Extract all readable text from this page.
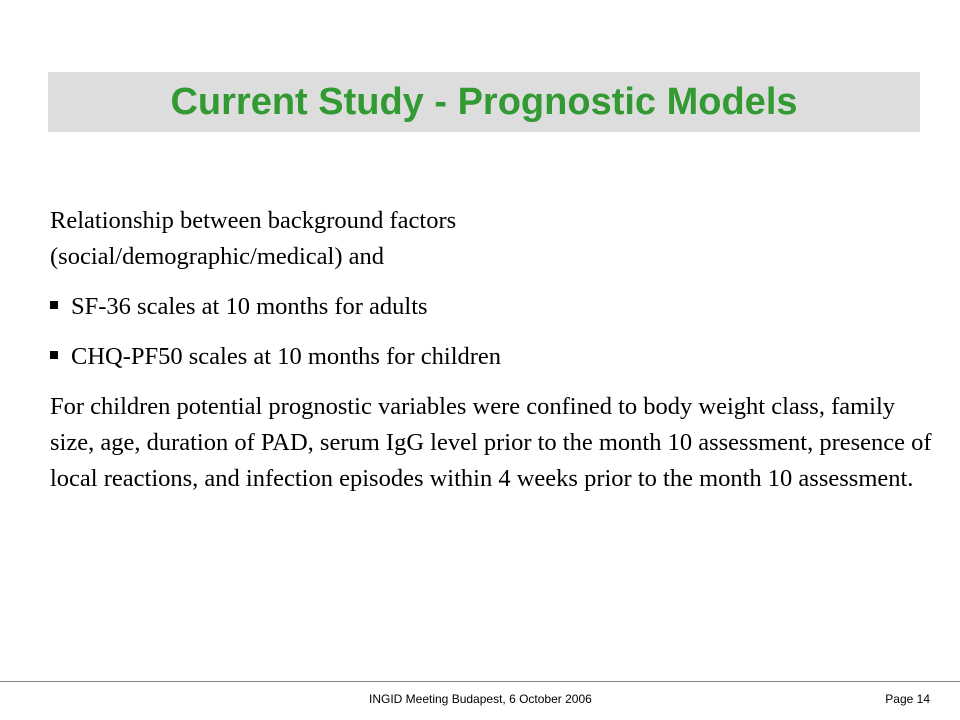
Current Study - Prognostic Models
Relationship between background factors
(social/demographic/medical) and
SF-36 scales at 10 months for adults
CHQ-PF50 scales at 10 months for children

For children potential prognostic variables were confined to body weight class, family size, age, duration of PAD, serum IgG level prior to the month 10 assessment, presence of local reactions, and infection episodes within 4 weeks prior to the month 10 assessment.

INGID Meeting Budapest, 6 October 2006	Page 14
